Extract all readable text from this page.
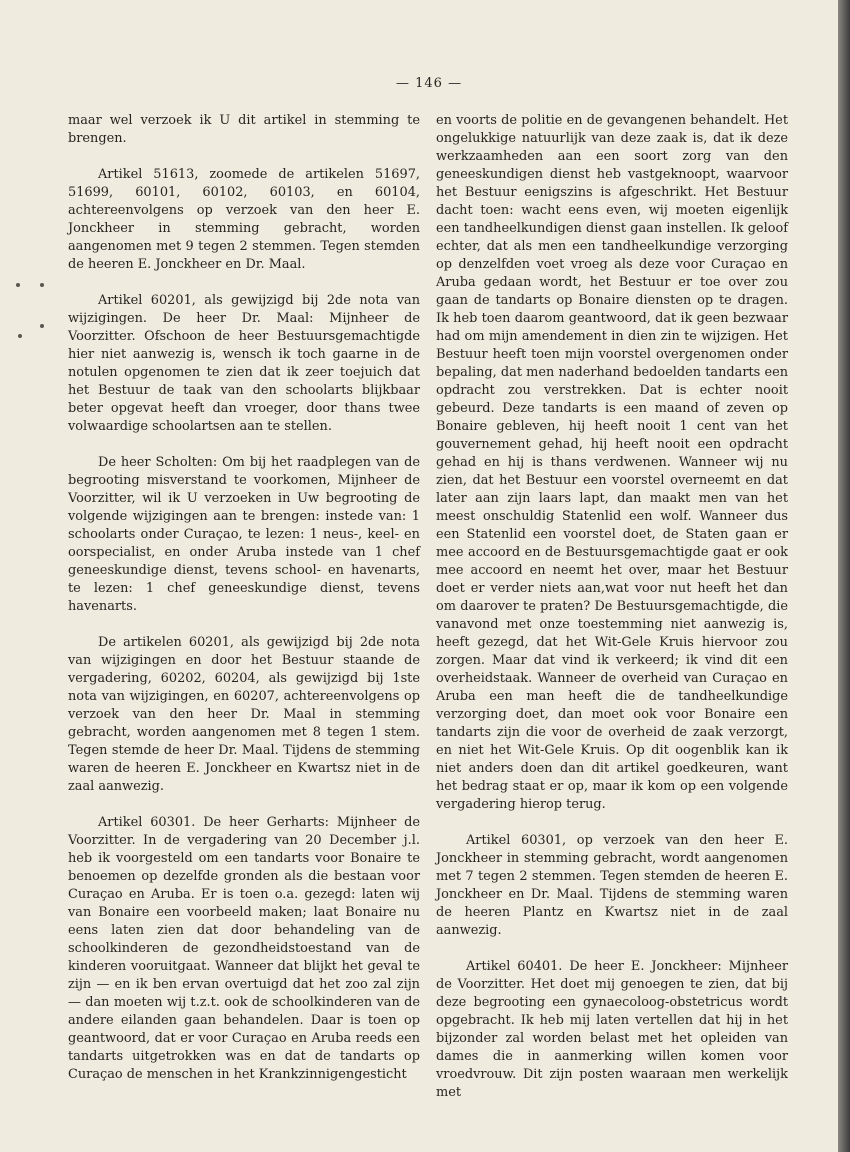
— 146 —

maar wel verzoek ik U dit artikel in stemming te brengen.

Artikel 51613, zoomede de artikelen 51697, 51699, 60101, 60102, 60103, en 60104, achtereenvolgens op verzoek van den heer E. Jonckheer in stemming gebracht, worden aangenomen met 9 tegen 2 stemmen. Tegen stemden de heeren E. Jonckheer en Dr. Maal.

Artikel 60201, als gewijzigd bij 2de nota van wijzigingen. De heer Dr. Maal: Mijnheer de Voorzitter. Ofschoon de heer Bestuursgemachtigde hier niet aanwezig is, wensch ik toch gaarne in de notulen opgenomen te zien dat ik zeer toejuich dat het Bestuur de taak van den schoolarts blijkbaar beter opgevat heeft dan vroeger, door thans twee volwaardige schoolartsen aan te stellen.

De heer Scholten: Om bij het raadplegen van de begrooting misverstand te voorkomen, Mijnheer de Voorzitter, wil ik U verzoeken in Uw begrooting de volgende wijzigingen aan te brengen: instede van: 1 schoolarts onder Curaçao, te lezen: 1 neus-, keel- en oorspecialist, en onder Aruba instede van 1 chef geneeskundige dienst, tevens school- en havenarts, te lezen: 1 chef geneeskundige dienst, tevens havenarts.

De artikelen 60201, als gewijzigd bij 2de nota van wijzigingen en door het Bestuur staande de vergadering, 60202, 60204, als gewijzigd bij 1ste nota van wijzigingen, en 60207, achtereenvolgens op verzoek van den heer Dr. Maal in stemming gebracht, worden aangenomen met 8 tegen 1 stem. Tegen stemde de heer Dr. Maal. Tijdens de stemming waren de heeren E. Jonckheer en Kwartsz niet in de zaal aanwezig.

Artikel 60301. De heer Gerharts: Mijnheer de Voorzitter. In de vergadering van 20 December j.l. heb ik voorgesteld om een tandarts voor Bonaire te benoemen op dezelfde gronden als die bestaan voor Curaçao en Aruba. Er is toen o.a. gezegd: laten wij van Bonaire een voorbeeld maken; laat Bonaire nu eens laten zien dat door behandeling van de schoolkinderen de gezondheidstoestand van de kinderen vooruitgaat. Wanneer dat blijkt het geval te zijn — en ik ben ervan overtuigd dat het zoo zal zijn— dan moeten wij t.z.t. ook de schoolkinderen van de andere eilanden gaan behandelen. Daar is toen op geantwoord, dat er voor Curaçao en Aruba reeds een tandarts uitgetrokken was en dat de tandarts op Curaçao de menschen in het Krankzinnigengesticht

en voorts de politie en de gevangenen behandelt. Het ongelukkige natuurlijk van deze zaak is, dat ik deze werkzaamheden aan een soort zorg van den geneeskundigen dienst heb vastgeknoopt, waarvoor het Bestuur eenigszins is afgeschrikt. Het Bestuur dacht toen: wacht eens even, wij moeten eigenlijk een tandheelkundigen dienst gaan instellen. Ik geloof echter, dat als men een tandheelkundige verzorging op denzelfden voet vroeg als deze voor Curaçao en Aruba gedaan wordt, het Bestuur er toe over zou gaan de tandarts op Bonaire diensten op te dragen. Ik heb toen daarom geantwoord, dat ik geen bezwaar had om mijn amendement in dien zin te wijzigen. Het Bestuur heeft toen mijn voorstel overgenomen onder bepaling, dat men naderhand bedoelden tandarts een opdracht zou verstrekken. Dat is echter nooit gebeurd. Deze tandarts is een maand of zeven op Bonaire gebleven, hij heeft nooit 1 cent van het gouvernement gehad, hij heeft nooit een opdracht gehad en hij is thans verdwenen. Wanneer wij nu zien, dat het Bestuur een voorstel overneemt en dat later aan zijn laars lapt, dan maakt men van het meest onschuldig Statenlid een wolf. Wanneer dus een Statenlid een voorstel doet, de Staten gaan er mee accoord en de Bestuursgemachtigde gaat er ook mee accoord en neemt het over, maar het Bestuur doet er verder niets aan,wat voor nut heeft het dan om daarover te praten? De Bestuursgemachtigde, die vanavond met onze toestemming niet aanwezig is, heeft gezegd, dat het Wit-Gele Kruis hiervoor zou zorgen. Maar dat vind ik verkeerd; ik vind dit een overheidstaak. Wanneer de overheid van Curaçao en Aruba een man heeft die de tandheelkundige verzorging doet, dan moet ook voor Bonaire een tandarts zijn die voor de overheid de zaak verzorgt, en niet het Wit-Gele Kruis. Op dit oogenblik kan ik niet anders doen dan dit artikel goedkeuren, want het bedrag staat er op, maar ik kom op een volgende vergadering hierop terug.

Artikel 60301, op verzoek van den heer E. Jonckheer in stemming gebracht, wordt aangenomen met 7 tegen 2 stemmen. Tegen stemden de heeren E. Jonckheer en Dr. Maal. Tijdens de stemming waren de heeren Plantz en Kwartsz niet in de zaal aanwezig.

Artikel 60401. De heer E. Jonckheer: Mijnheer de Voorzitter. Het doet mij genoegen te zien, dat bij deze begrooting een gynaecoloog-obstetricus wordt opgebracht. Ik heb mij laten vertellen dat hij in het bijzonder zal worden belast met het opleiden van dames die in aanmerking willen komen voor vroedvrouw. Dit zijn posten waaraan men werkelijk met
